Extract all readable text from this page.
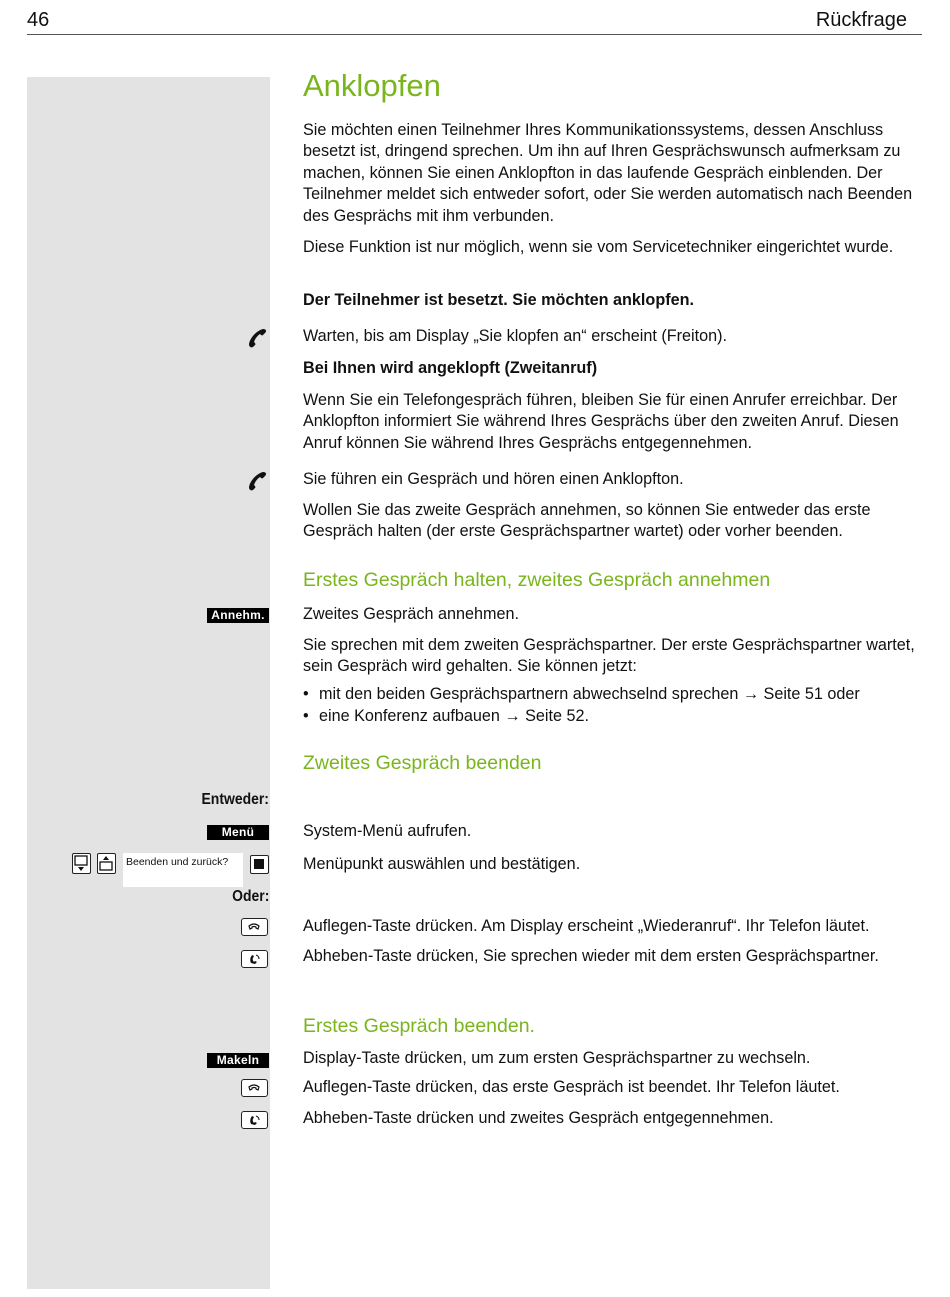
46	Rückfrage
Anklopfen

Sie möchten einen Teilnehmer Ihres Kommunikationssystems, dessen Anschluss besetzt ist, dringend sprechen. Um ihn auf Ihren Gesprächswunsch aufmerksam zu machen, können Sie einen Anklopfton in das laufende Gespräch einblenden. Der Teilnehmer meldet sich entweder sofort, oder Sie werden automatisch nach Beenden des Gesprächs mit ihm verbunden.

Diese Funktion ist nur möglich, wenn sie vom Servicetechniker eingerichtet wurde.

Der Teilnehmer ist besetzt. Sie möchten anklopfen.

Warten, bis am Display „Sie klopfen an“ erscheint (Freiton).

Bei Ihnen wird angeklopft (Zweitanruf)

Wenn Sie ein Telefongespräch führen, bleiben Sie für einen Anrufer erreichbar. Der Anklopfton informiert Sie während Ihres Gesprächs über den zweiten Anruf. Diesen Anruf können Sie während Ihres Gesprächs entgegennehmen.

Sie führen ein Gespräch und hören einen Anklopfton.

Wollen Sie das zweite Gespräch annehmen, so können Sie entweder das erste Gespräch halten (der erste Gesprächspartner wartet) oder vorher beenden.

Erstes Gespräch halten, zweites Gespräch annehmen
Annehm. Zweites Gespräch annehmen.

Sie sprechen mit dem zweiten Gesprächspartner. Der erste Gesprächspartner wartet, sein Gespräch wird gehalten. Sie können jetzt:

• mit den beiden Gesprächspartnern abwechselnd sprechen → Seite 51 oder
• eine Konferenz aufbauen → Seite 52.
Zweites Gespräch beenden
Entweder:
Menü	System-Menü aufrufen.

Beenden und zurück?	Menüpunkt auswählen und bestätigen.

Oder:

Auflegen-Taste drücken. Am Display erscheint „Wiederanruf“. Ihr Telefon läutet.

Abheben-Taste drücken, Sie sprechen wieder mit dem ersten Gesprächspartner.

Erstes Gespräch beenden.
Makeln	Display-Taste drücken, um zum ersten Gesprächspartner zu wechseln.

Auflegen-Taste drücken, das erste Gespräch ist beendet. Ihr Telefon läutet.

Abheben-Taste drücken und zweites Gespräch entgegennehmen.
